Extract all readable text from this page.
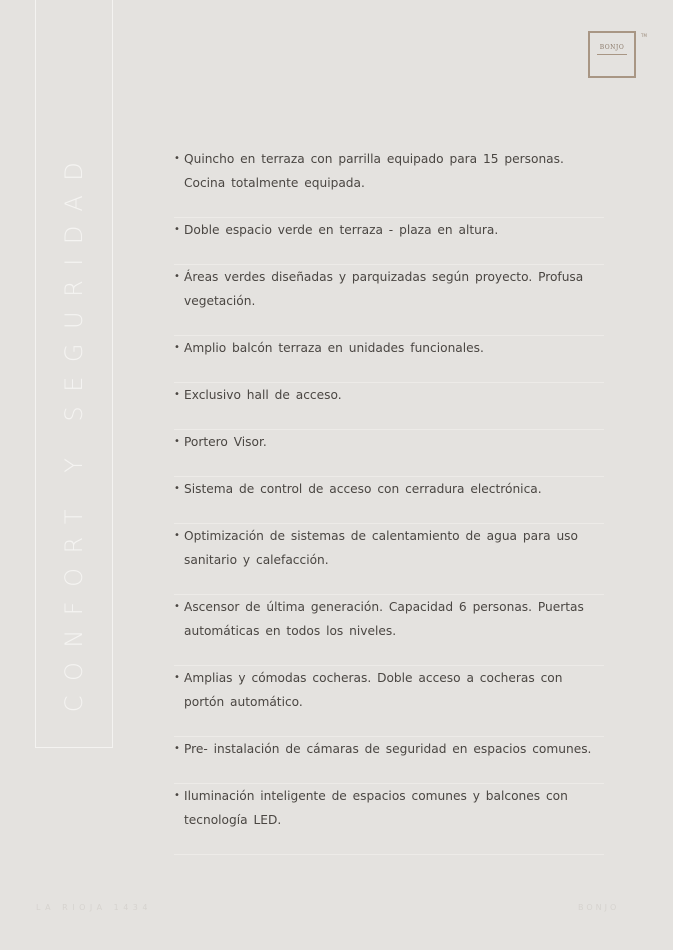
CONFORT Y SEGURIDAD
BONJO
TM
• Quincho en terraza con parrilla equipado para 15 personas. Cocina totalmente equipada.
• Doble espacio verde en terraza - plaza en altura.
• Áreas verdes diseñadas y parquizadas según proyecto. Profusa vegetación.
• Amplio balcón terraza en unidades funcionales.
• Exclusivo hall de acceso.
• Portero Visor.
• Sistema de control de acceso con cerradura electrónica.
• Optimización de sistemas de calentamiento de agua para uso sanitario y calefacción.
• Ascensor de última generación. Capacidad 6 personas. Puertas automáticas en todos los niveles.
• Amplias y cómodas cocheras. Doble acceso a cocheras con portón automático.
• Pre- instalación de cámaras de seguridad en espacios comunes.
• Iluminación inteligente de espacios comunes y balcones con tecnología LED.
LA RIOJA 1434	BONJO
